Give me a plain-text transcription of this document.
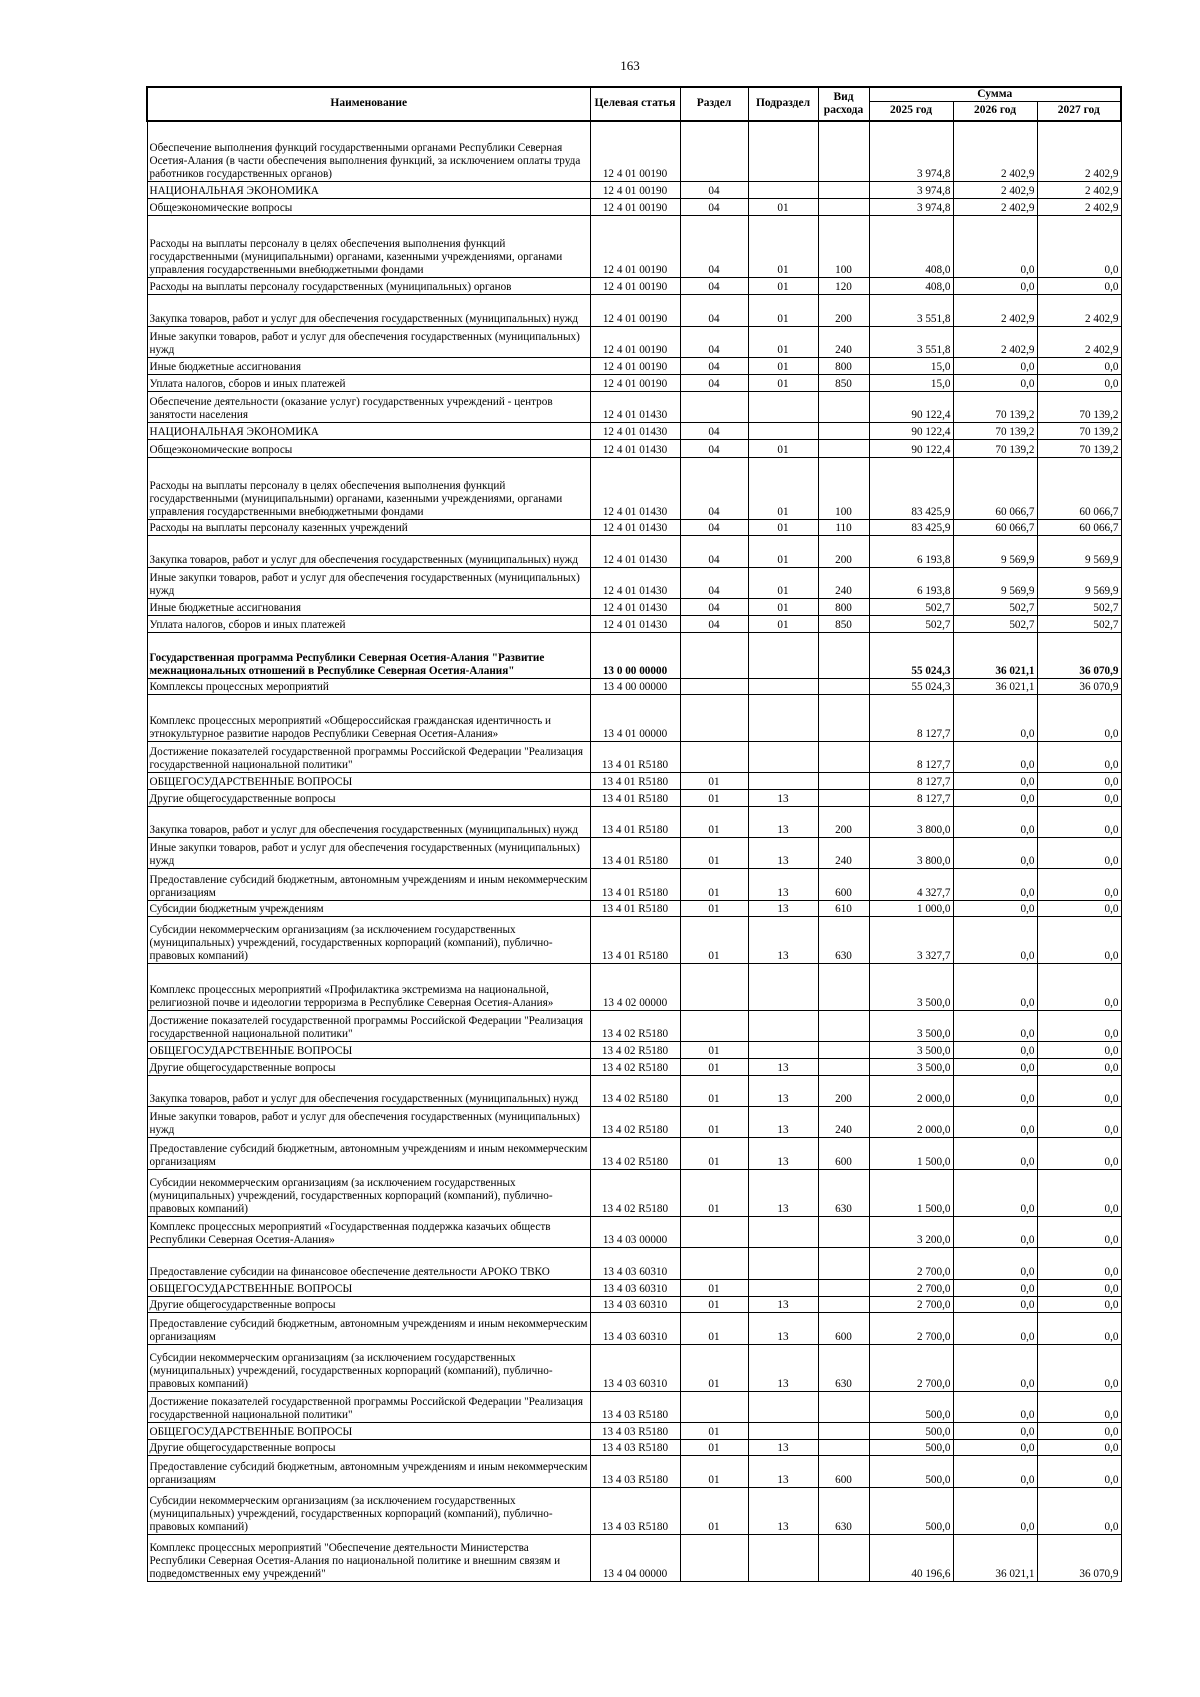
163
Наименование	Целевая статья	Раздел	Подраздел	Вид расхода	Сумма		
					2025 год	2026 год	2027 год
Обеспечение выполнения функций государственными органами Республики Северная Осетия-Алания (в части обеспечения выполнения функций, за исключением оплаты труда работников государственных органов)	12 4 01 00190				3 974,8	2 402,9	2 402,9
НАЦИОНАЛЬНАЯ ЭКОНОМИКА	12 4 01 00190	04			3 974,8	2 402,9	2 402,9
Общеэкономические вопросы	12 4 01 00190	04	01		3 974,8	2 402,9	2 402,9
Расходы на выплаты персоналу в целях обеспечения выполнения функций государственными (муниципальными) органами, казенными учреждениями, органами управления государственными внебюджетными фондами	12 4 01 00190	04	01	100	408,0	0,0	0,0
Расходы на выплаты персоналу государственных (муниципальных) органов	12 4 01 00190	04	01	120	408,0	0,0	0,0
Закупка товаров, работ и услуг для обеспечения государственных (муниципальных) нужд	12 4 01 00190	04	01	200	3 551,8	2 402,9	2 402,9
Иные закупки товаров, работ и услуг для обеспечения государственных (муниципальных) нужд	12 4 01 00190	04	01	240	3 551,8	2 402,9	2 402,9
Иные бюджетные ассигнования	12 4 01 00190	04	01	800	15,0	0,0	0,0
Уплата налогов, сборов и иных платежей	12 4 01 00190	04	01	850	15,0	0,0	0,0
Обеспечение деятельности (оказание услуг) государственных учреждений - центров занятости населения	12 4 01 01430				90 122,4	70 139,2	70 139,2
НАЦИОНАЛЬНАЯ ЭКОНОМИКА	12 4 01 01430	04			90 122,4	70 139,2	70 139,2
Общеэкономические вопросы	12 4 01 01430	04	01		90 122,4	70 139,2	70 139,2
Расходы на выплаты персоналу в целях обеспечения выполнения функций государственными (муниципальными) органами, казенными учреждениями, органами управления государственными внебюджетными фондами	12 4 01 01430	04	01	100	83 425,9	60 066,7	60 066,7
Расходы на выплаты персоналу казенных учреждений	12 4 01 01430	04	01	110	83 425,9	60 066,7	60 066,7
Закупка товаров, работ и услуг для обеспечения государственных (муниципальных) нужд	12 4 01 01430	04	01	200	6 193,8	9 569,9	9 569,9
Иные закупки товаров, работ и услуг для обеспечения государственных (муниципальных) нужд	12 4 01 01430	04	01	240	6 193,8	9 569,9	9 569,9
Иные бюджетные ассигнования	12 4 01 01430	04	01	800	502,7	502,7	502,7
Уплата налогов, сборов и иных платежей	12 4 01 01430	04	01	850	502,7	502,7	502,7
Государственная программа Республики Северная Осетия-Алания "Развитие межнациональных отношений в Республике Северная Осетия-Алания"	13 0 00 00000				55 024,3	36 021,1	36 070,9
Комплексы процессных мероприятий	13 4 00 00000				55 024,3	36 021,1	36 070,9
Комплекс процессных мероприятий «Общероссийская гражданская идентичность и этнокультурное развитие народов Республики Северная Осетия-Алания»	13 4 01 00000				8 127,7	0,0	0,0
Достижение показателей государственной программы Российской Федерации "Реализация государственной национальной политики"	13 4 01 R5180				8 127,7	0,0	0,0
ОБЩЕГОСУДАРСТВЕННЫЕ ВОПРОСЫ	13 4 01 R5180	01			8 127,7	0,0	0,0
Другие общегосударственные вопросы	13 4 01 R5180	01	13		8 127,7	0,0	0,0
Закупка товаров, работ и услуг для обеспечения государственных (муниципальных) нужд	13 4 01 R5180	01	13	200	3 800,0	0,0	0,0
Иные закупки товаров, работ и услуг для обеспечения государственных (муниципальных) нужд	13 4 01 R5180	01	13	240	3 800,0	0,0	0,0
Предоставление субсидий бюджетным, автономным учреждениям и иным некоммерческим организациям	13 4 01 R5180	01	13	600	4 327,7	0,0	0,0
Субсидии бюджетным учреждениям	13 4 01 R5180	01	13	610	1 000,0	0,0	0,0
Субсидии некоммерческим организациям (за исключением государственных (муниципальных) учреждений, государственных корпораций (компаний), публично-правовых компаний)	13 4 01 R5180	01	13	630	3 327,7	0,0	0,0
Комплекс процессных мероприятий «Профилактика экстремизма на национальной, религиозной почве и идеологии терроризма в Республике Северная Осетия-Алания»	13 4 02 00000				3 500,0	0,0	0,0
Достижение показателей государственной программы Российской Федерации "Реализация государственной национальной политики"	13 4 02 R5180				3 500,0	0,0	0,0
ОБЩЕГОСУДАРСТВЕННЫЕ ВОПРОСЫ	13 4 02 R5180	01			3 500,0	0,0	0,0
Другие общегосударственные вопросы	13 4 02 R5180	01	13		3 500,0	0,0	0,0
Закупка товаров, работ и услуг для обеспечения государственных (муниципальных) нужд	13 4 02 R5180	01	13	200	2 000,0	0,0	0,0
Иные закупки товаров, работ и услуг для обеспечения государственных (муниципальных) нужд	13 4 02 R5180	01	13	240	2 000,0	0,0	0,0
Предоставление субсидий бюджетным, автономным учреждениям и иным некоммерческим организациям	13 4 02 R5180	01	13	600	1 500,0	0,0	0,0
Субсидии некоммерческим организациям (за исключением государственных (муниципальных) учреждений, государственных корпораций (компаний), публично-правовых компаний)	13 4 02 R5180	01	13	630	1 500,0	0,0	0,0
Комплекс процессных мероприятий «Государственная поддержка казачьих обществ Республики Северная Осетия-Алания»	13 4 03 00000				3 200,0	0,0	0,0
Предоставление субсидии на финансовое обеспечение деятельности АРОКО ТВКО	13 4 03 60310				2 700,0	0,0	0,0
ОБЩЕГОСУДАРСТВЕННЫЕ ВОПРОСЫ	13 4 03 60310	01			2 700,0	0,0	0,0
Другие общегосударственные вопросы	13 4 03 60310	01	13		2 700,0	0,0	0,0
Предоставление субсидий бюджетным, автономным учреждениям и иным некоммерческим организациям	13 4 03 60310	01	13	600	2 700,0	0,0	0,0
Субсидии некоммерческим организациям (за исключением государственных (муниципальных) учреждений, государственных корпораций (компаний), публично-правовых компаний)	13 4 03 60310	01	13	630	2 700,0	0,0	0,0
Достижение показателей государственной программы Российской Федерации "Реализация государственной национальной политики"	13 4 03 R5180				500,0	0,0	0,0
ОБЩЕГОСУДАРСТВЕННЫЕ ВОПРОСЫ	13 4 03 R5180	01			500,0	0,0	0,0
Другие общегосударственные вопросы	13 4 03 R5180	01	13		500,0	0,0	0,0
Предоставление субсидий бюджетным, автономным учреждениям и иным некоммерческим организациям	13 4 03 R5180	01	13	600	500,0	0,0	0,0
Субсидии некоммерческим организациям (за исключением государственных (муниципальных) учреждений, государственных корпораций (компаний), публично-правовых компаний)	13 4 03 R5180	01	13	630	500,0	0,0	0,0
Комплекс процессных мероприятий "Обеспечение деятельности Министерства Республики Северная Осетия-Алания по национальной политике и внешним связям и подведомственных ему учреждений"	13 4 04 00000				40 196,6	36 021,1	36 070,9
